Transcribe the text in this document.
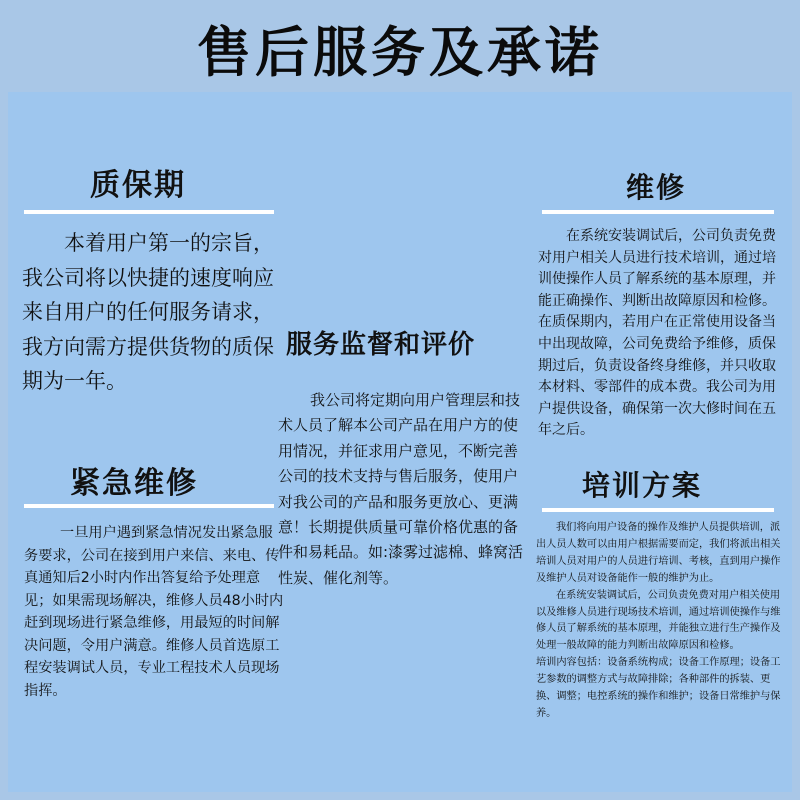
售后服务及承诺
质保期
本着用户第一的宗旨，我公司将以快捷的速度响应来自用户的任何服务请求，我方向需方提供货物的质保期为一年。
紧急维修
一旦用户遇到紧急情况发出紧急服务要求，公司在接到用户来信、来电、传真通知后2小时内作出答复给予处理意见；如果需现场解决，维修人员48小时内赶到现场进行紧急维修，用最短的时间解决问题，令用户满意。维修人员首选原工程安装调试人员，专业工程技术人员现场指挥。
服务监督和评价
我公司将定期向用户管理层和技术人员了解本公司产品在用户方的使用情况，并征求用户意见，不断完善公司的技术支持与售后服务，使用户对我公司的产品和服务更放心、更满意！长期提供质量可靠价格优惠的备件和易耗品。如:漆雾过滤棉、蜂窝活性炭、催化剂等。
维修
在系统安装调试后，公司负责免费对用户相关人员进行技术培训，通过培训使操作人员了解系统的基本原理，并能正确操作、判断出故障原因和检修。在质保期内，若用户在正常使用设备当中出现故障，公司免费给予维修，质保期过后，负责设备终身维修，并只收取本材料、零部件的成本费。我公司为用户提供设备，确保第一次大修时间在五年之后。
培训方案

我们将向用户设备的操作及维护人员提供培训，派出人员人数可以由用户根据需要而定，我们将派出相关培训人员对用户的人员进行培训、考核，直到用户操作及维护人员对设备能作一般的维护为止。

在系统安装调试后，公司负责免费对用户相关使用以及维修人员进行现场技术培训，通过培训使操作与维修人员了解系统的基本原理，并能独立进行生产操作及处理一般故障的能力判断出故障原因和检修。

培训内容包括：设备系统构成；设备工作原理；设备工艺参数的调整方式与故障排除；各种部件的拆装、更换、调整；电控系统的操作和维护；设备日常维护与保养。
